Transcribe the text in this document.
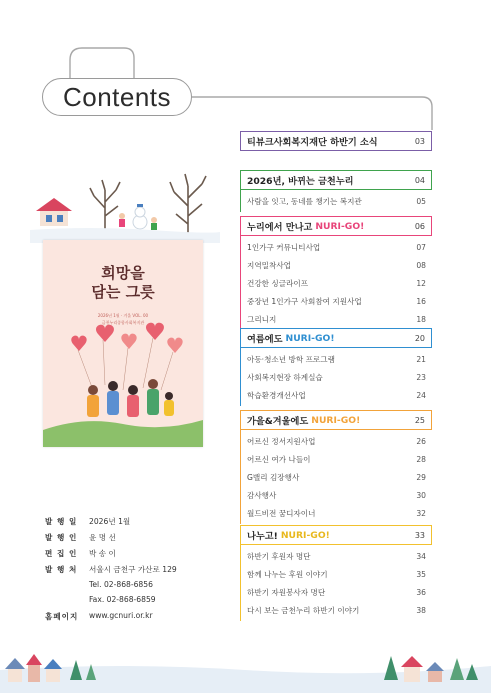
Contents
희망을
담는 그릇
2026년 1월 · 겨울 VOL. 00
금천누리종합사회복지관
티뷰크사회복지재단 하반기 소식	03
2026년, 바뀌는 금천누리	04
사람을 잇고, 동네를 챙기는 복지관	05
누리에서 만나고 NURI-GO!	06
1인가구 커뮤니티사업	07
지역밀착사업	08
건강한 싱글라이프	12
중장년 1인가구 사회참여 지원사업	16
그리니지	18
여름에도 NURI-GO!	20
아동·청소년 방학 프로그램	21
사회복지현장 하계실습	23
학습환경개선사업	24
가을&겨울에도 NURI-GO!	25
어르신 정서지원사업	26
어르신 여가 나들이	28
G밸리 김장행사	29
감사행사	30
월드비전 꿈디자이너	32
나누고! NURI-GO!	33
하반기 후원자 명단	34
함께 나누는 후원 이야기	35
하반기 자원봉사자 명단	36
다시 보는 금천누리 하반기 이야기	38
발 행 일	2026년 1월
발 행 인	윤 명 선
편 집 인	박 송 이
발 행 처	서울시 금천구 가산로 129
Tel. 02-868-6856
Fax. 02-868-6859
홈페이지	www.gcnuri.or.kr
